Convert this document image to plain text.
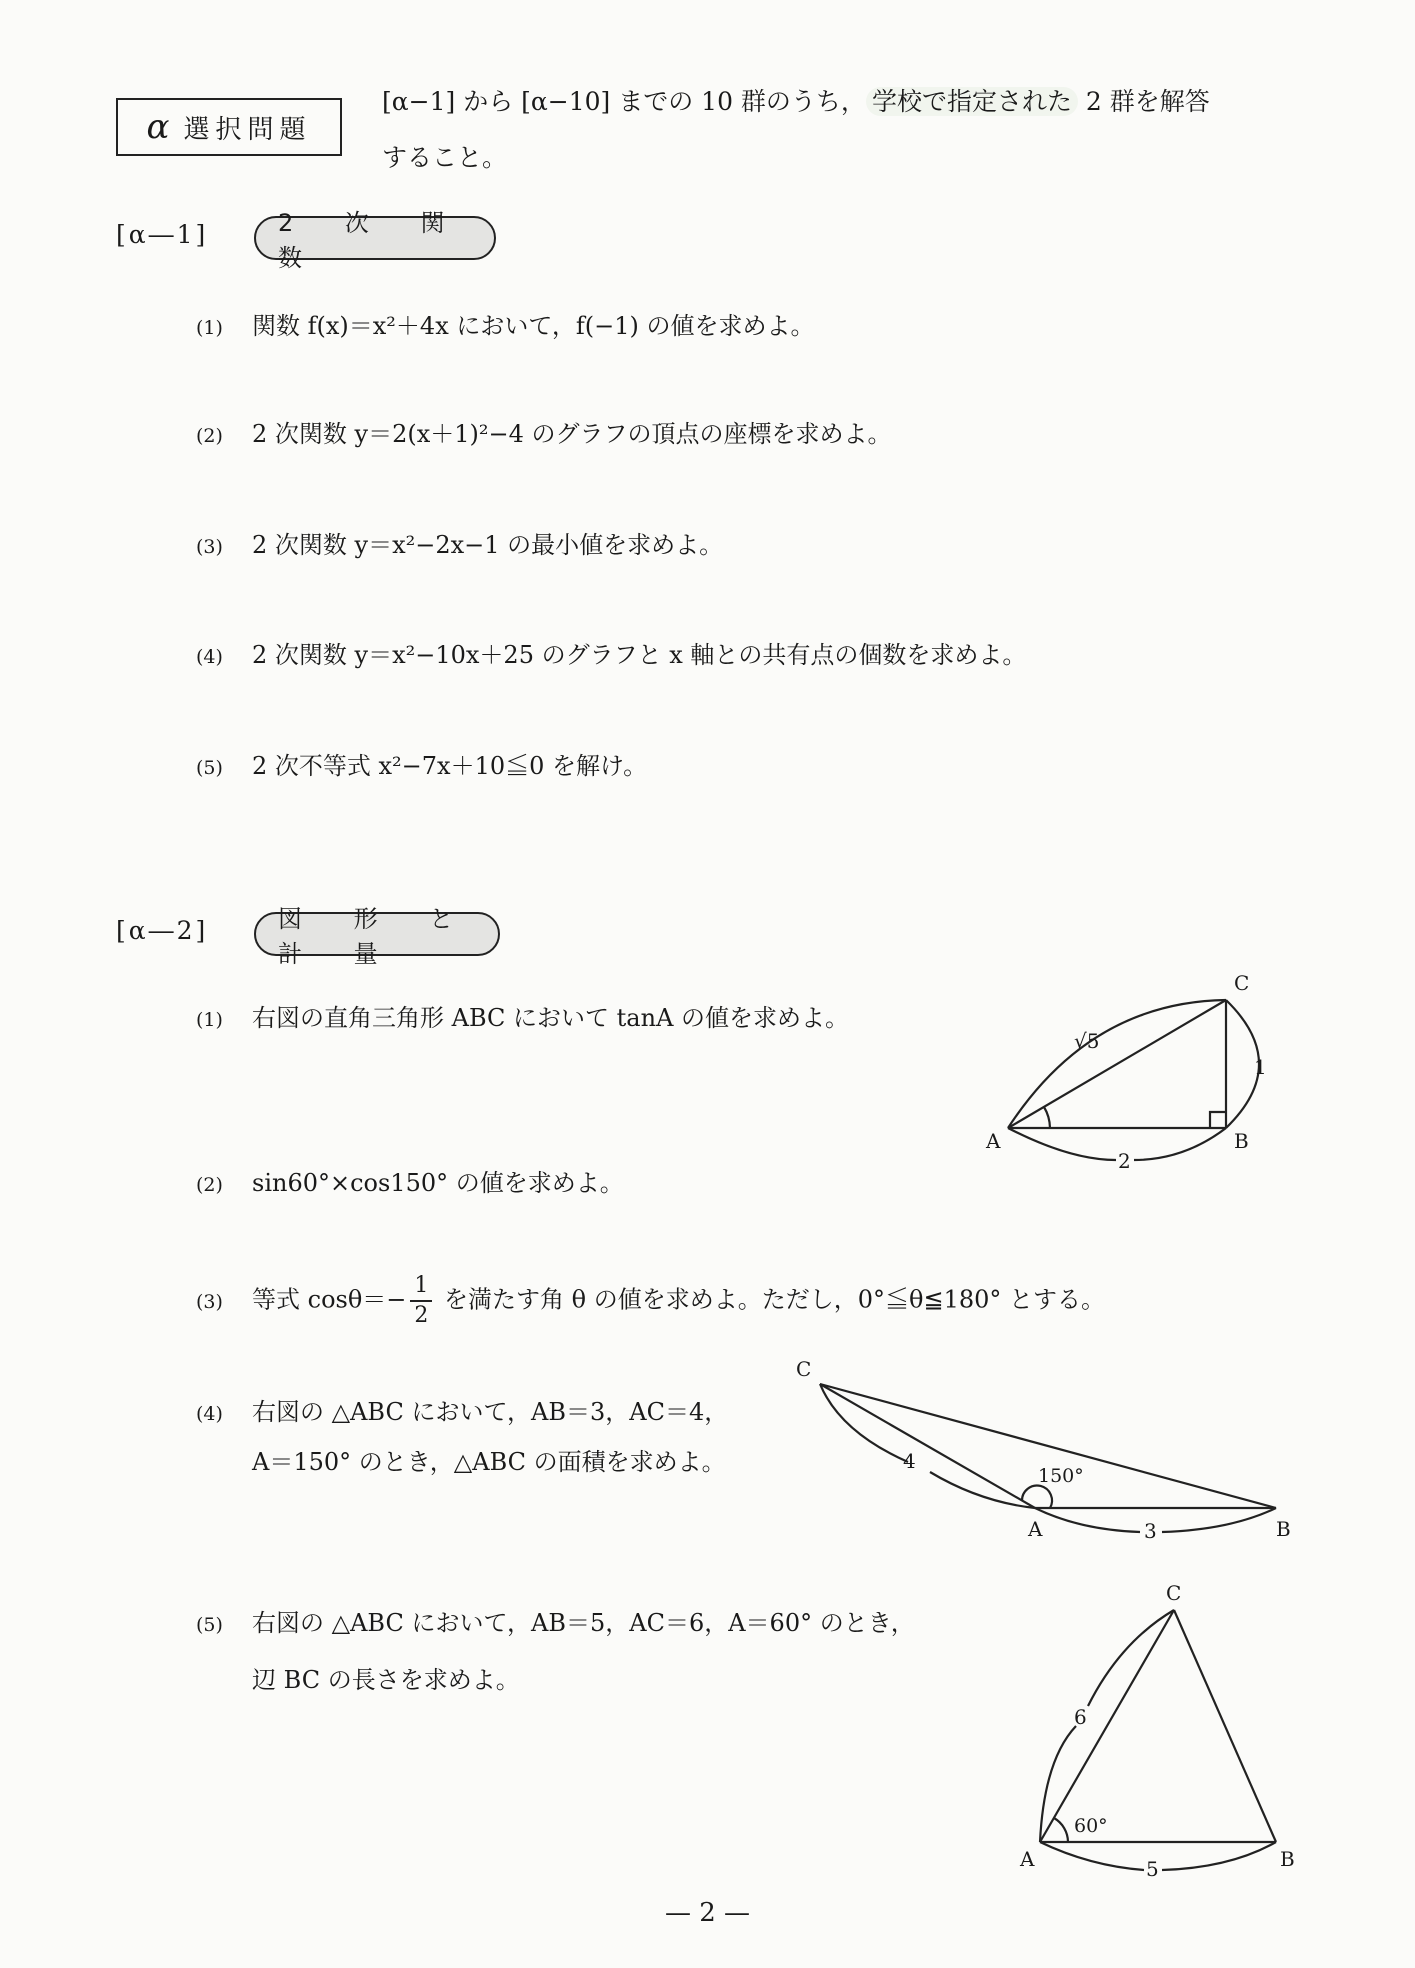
α 選択問題
[α−1] から [α−10] までの 10 群のうち， 学校で指定された 2 群を解答
すること。
[α―1]	2 次 関 数
(1) 関数 f(x)＝x²＋4x において，f(−1) の値を求めよ。
(2) 2 次関数 y＝2(x＋1)²−4 のグラフの頂点の座標を求めよ。
(3) 2 次関数 y＝x²−2x−1 の最小値を求めよ。
(4) 2 次関数 y＝x²−10x＋25 のグラフと x 軸との共有点の個数を求めよ。
(5) 2 次不等式 x²−7x＋10≦0 を解け。
[α―2]	図 形 と 計 量
(1) 右図の直角三角形 ABC において tanA の値を求めよ。
(2) sin60°×cos150° の値を求めよ。
(3) 等式 $\cos\theta=- \frac{1}{2}$ を満たす角 θ の値を求めよ。ただし，0°≦θ≦180° とする。
(4) 右図の △ABC において，AB＝3，AC＝4，
A＝150° のとき，△ABC の面積を求めよ。
(5) 右図の △ABC において，AB＝5，AC＝6，A＝60° のとき，
辺 BC の長さを求めよ。
A	B
C
√5
1
2
C
A	B
4
3
150°
C
A	B
6
5
60°
— 2 —
